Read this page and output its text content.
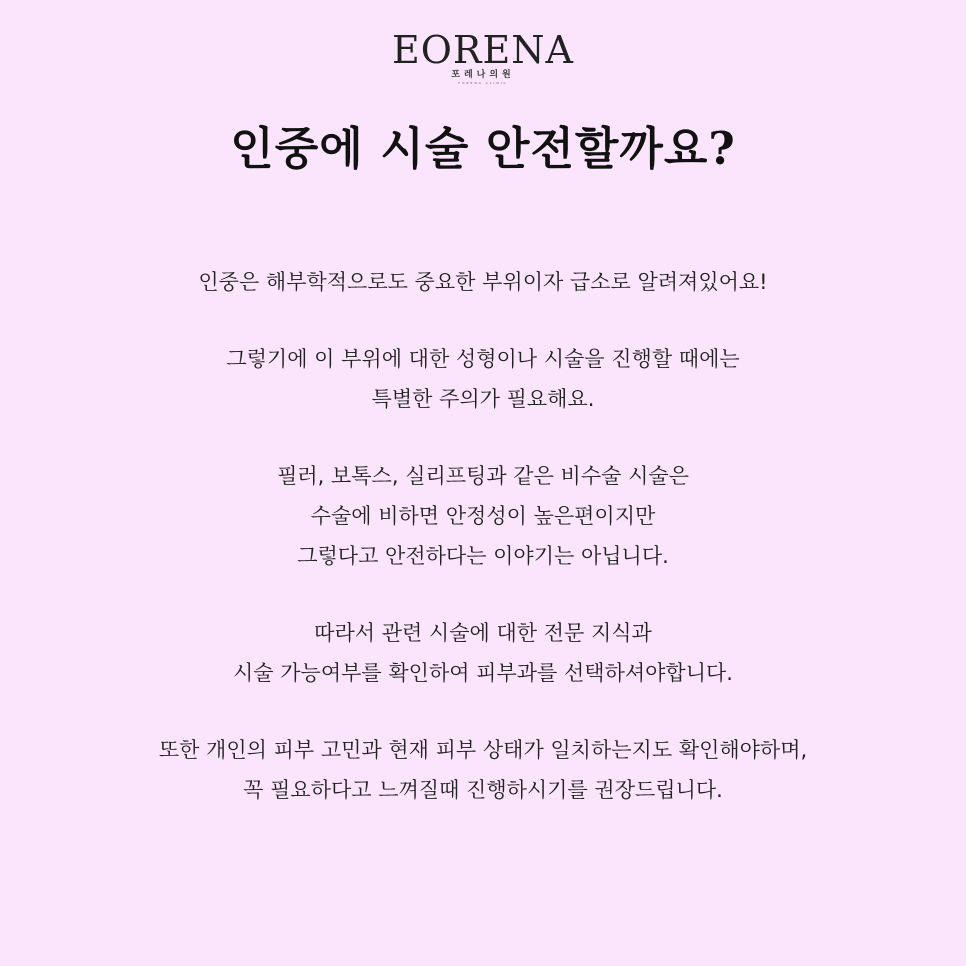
EORENA
포레나의원
FORENA CLINIC
인중에 시술 안전할까요?

인중은 해부학적으로도 중요한 부위이자 급소로 알려져있어요!

그렇기에 이 부위에 대한 성형이나 시술을 진행할 때에는
특별한 주의가 필요해요.

필러, 보톡스, 실리프팅과 같은 비수술 시술은
수술에 비하면 안정성이 높은편이지만
그렇다고 안전하다는 이야기는 아닙니다.

따라서 관련 시술에 대한 전문 지식과
시술 가능여부를 확인하여 피부과를 선택하셔야합니다.

또한 개인의 피부 고민과 현재 피부 상태가 일치하는지도 확인해야하며,
꼭 필요하다고 느껴질때 진행하시기를 권장드립니다.
